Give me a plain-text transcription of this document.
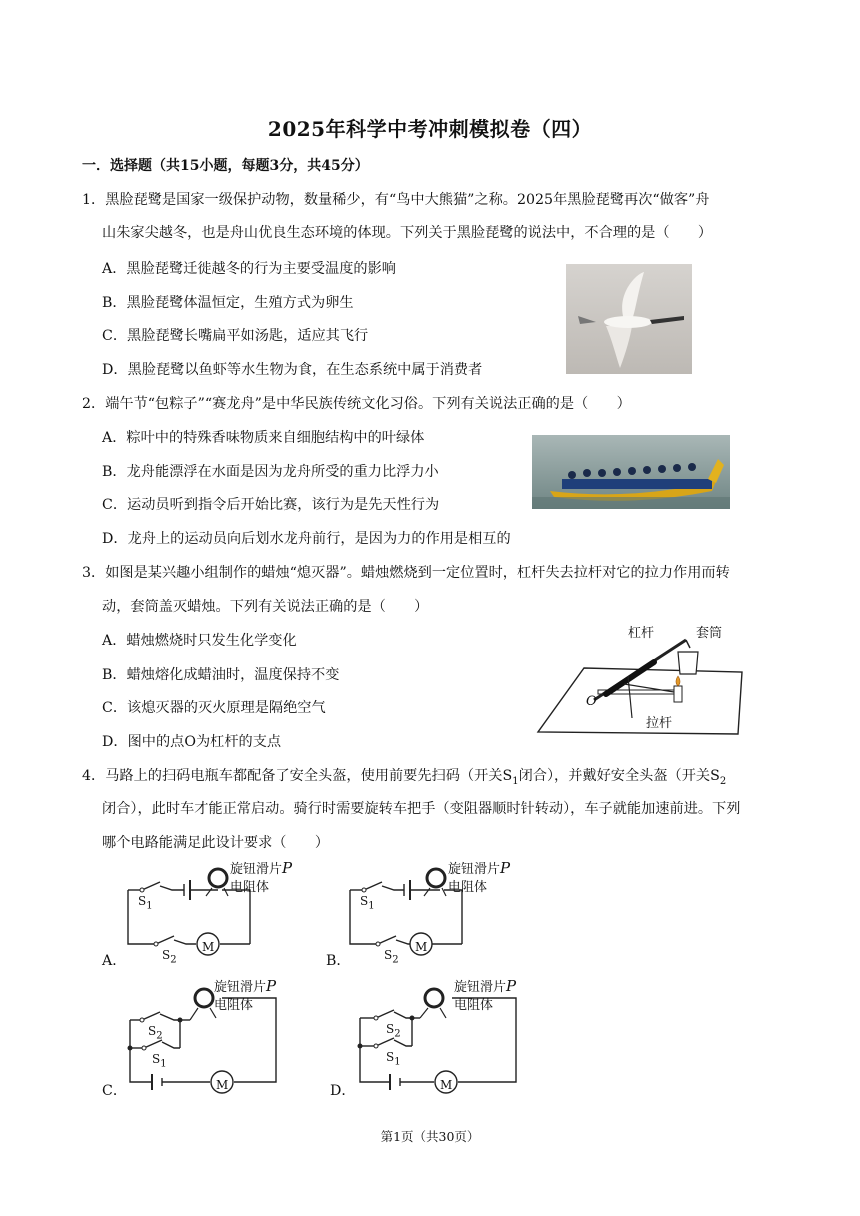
2025年科学中考冲刺模拟卷（四）
一．选择题（共15小题，每题3分，共45分）
1．黑脸琵鹭是国家一级保护动物，数量稀少，有“鸟中大熊猫”之称。2025年黑脸琵鹭再次“做客”舟
山朱家尖越冬，也是舟山优良生态环境的体现。下列关于黑脸琵鹭的说法中，不合理的是（　　）
A．黑脸琵鹭迁徙越冬的行为主要受温度的影响
B．黑脸琵鹭体温恒定，生殖方式为卵生
C．黑脸琵鹭长嘴扁平如汤匙，适应其飞行
D．黑脸琵鹭以鱼虾等水生物为食，在生态系统中属于消费者
2．端午节“包粽子”“赛龙舟”是中华民族传统文化习俗。下列有关说法正确的是（　　）
A．粽叶中的特殊香味物质来自细胞结构中的叶绿体
B．龙舟能漂浮在水面是因为龙舟所受的重力比浮力小
C．运动员听到指令后开始比赛，该行为是先天性行为
D．龙舟上的运动员向后划水龙舟前行，是因为力的作用是相互的
3．如图是某兴趣小组制作的蜡烛“熄灭器”。蜡烛燃烧到一定位置时，杠杆失去拉杆对它的拉力作用而转
动，套筒盖灭蜡烛。下列有关说法正确的是（　　）
A．蜡烛燃烧时只发生化学变化
B．蜡烛熔化成蜡油时，温度保持不变
C．该熄灭器的灭火原理是隔绝空气
D．图中的点O为杠杆的支点
杠杆	套筒
拉杆
O
4．马路上的扫码电瓶车都配备了安全头盔，使用前要先扫码（开关$S_1$闭合），并戴好安全头盔（开关$S_2$
闭合），此时车才能正常启动。骑行时需要旋转车把手（变阻器顺时针转动），车子就能加速前进。下列
哪个电路能满足此设计要求（　　）
M
$S_1$
$S_2$
旋钮滑片P
电阻体
A．
M
$S_1$
$S_2$
旋钮滑片P
电阻体
B．
M
$S_2$
$S_1$
旋钮滑片P
电阻体
C．	M
$S_2$
$S_1$
旋钮滑片P
电阻体
D．
第1页（共30页）
